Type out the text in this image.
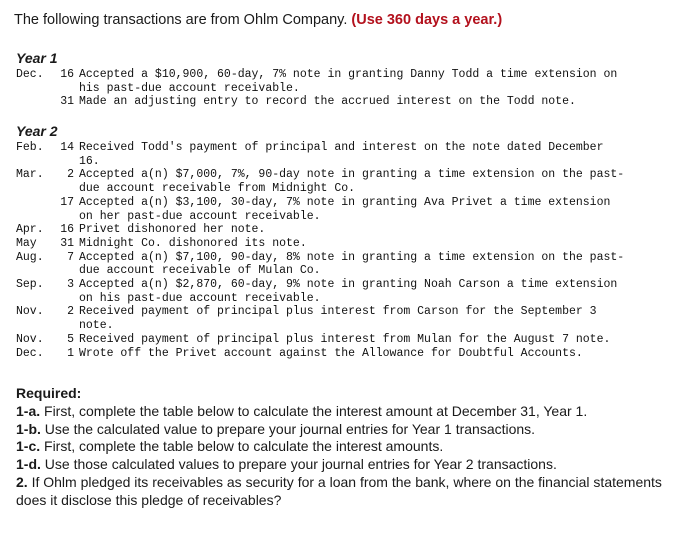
The following transactions are from Ohlm Company. (Use 360 days a year.)
Year 1
Dec.	16 Accepted a $10,900, 60-day, 7% note in granting Danny Todd a time extension on
his past-due account receivable.
31 Made an adjusting entry to record the accrued interest on the Todd note.
Year 2
Feb.	14 Received Todd's payment of principal and interest on the note dated December
16.
Mar.	2 Accepted a(n) $7,000, 7%, 90-day note in granting a time extension on the past-
due account receivable from Midnight Co.
17 Accepted a(n) $3,100, 30-day, 7% note in granting Ava Privet a time extension
on her past-due account receivable.
Apr.	16 Privet dishonored her note.
May	31 Midnight Co. dishonored its note.
Aug.	7 Accepted a(n) $7,100, 90-day, 8% note in granting a time extension on the past-
due account receivable of Mulan Co.
Sep.	3 Accepted a(n) $2,870, 60-day, 9% note in granting Noah Carson a time extension
on his past-due account receivable.
Nov.	2 Received payment of principal plus interest from Carson for the September 3
note.
Nov.	5 Received payment of principal plus interest from Mulan for the August 7 note.
Dec.	1 Wrote off the Privet account against the Allowance for Doubtful Accounts.
Required:
1-a. First, complete the table below to calculate the interest amount at December 31, Year 1.
1-b. Use the calculated value to prepare your journal entries for Year 1 transactions.
1-c. First, complete the table below to calculate the interest amounts.
1-d. Use those calculated values to prepare your journal entries for Year 2 transactions.
2. If Ohlm pledged its receivables as security for a loan from the bank, where on the financial statements does it disclose this pledge of receivables?
